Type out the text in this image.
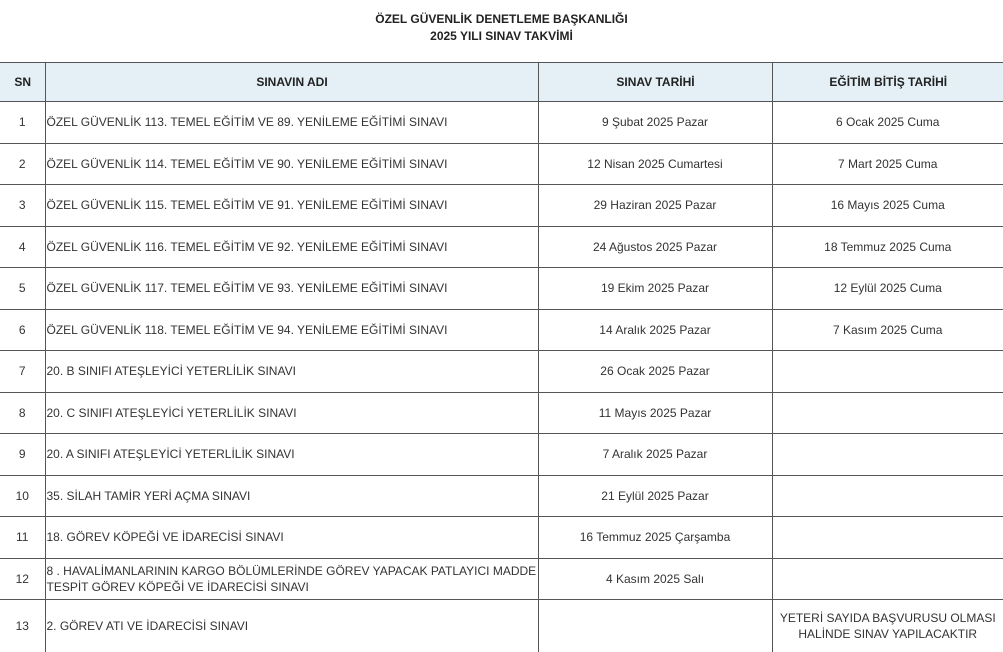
ÖZEL GÜVENLİK DENETLEME BAŞKANLIĞI
2025 YILI SINAV TAKVİMİ
SN	SINAVIN ADI	SINAV TARİHİ	EĞİTİM BİTİŞ TARİHİ
1	ÖZEL GÜVENLİK 113. TEMEL EĞİTİM VE 89. YENİLEME EĞİTİMİ SINAVI	9 Şubat 2025 Pazar	6 Ocak 2025 Cuma
2	ÖZEL GÜVENLİK 114. TEMEL EĞİTİM VE 90. YENİLEME EĞİTİMİ SINAVI	12 Nisan 2025 Cumartesi	7 Mart 2025 Cuma
3	ÖZEL GÜVENLİK 115. TEMEL EĞİTİM VE 91. YENİLEME EĞİTİMİ SINAVI	29 Haziran 2025 Pazar	16 Mayıs 2025 Cuma
4	ÖZEL GÜVENLİK 116. TEMEL EĞİTİM VE 92. YENİLEME EĞİTİMİ SINAVI	24 Ağustos 2025 Pazar	18 Temmuz 2025 Cuma
5	ÖZEL GÜVENLİK 117. TEMEL EĞİTİM VE 93. YENİLEME EĞİTİMİ SINAVI	19 Ekim 2025 Pazar	12 Eylül 2025 Cuma
6	ÖZEL GÜVENLİK 118. TEMEL EĞİTİM VE 94. YENİLEME EĞİTİMİ SINAVI	14 Aralık 2025 Pazar	7 Kasım 2025 Cuma
7	20. B SINIFI ATEŞLEYİCİ YETERLİLİK SINAVI	26 Ocak 2025 Pazar	
8	20. C SINIFI ATEŞLEYİCİ YETERLİLİK SINAVI	11 Mayıs 2025 Pazar	
9	20. A SINIFI ATEŞLEYİCİ YETERLİLİK SINAVI	7 Aralık 2025 Pazar	
10	35. SİLAH TAMİR YERİ AÇMA SINAVI	21 Eylül 2025 Pazar	
11	18. GÖREV KÖPEĞİ VE İDARECİSİ SINAVI	16 Temmuz 2025 Çarşamba	
12	8 . HAVALİMANLARININ KARGO BÖLÜMLERİNDE GÖREV YAPACAK PATLAYICI MADDE
TESPİT GÖREV KÖPEĞİ VE İDARECİSİ SINAVI	4 Kasım 2025 Salı	
13	2. GÖREV ATI VE İDARECİSİ SINAVI		YETERİ SAYIDA BAŞVURUSU OLMASI
HALİNDE SINAV YAPILACAKTIR
